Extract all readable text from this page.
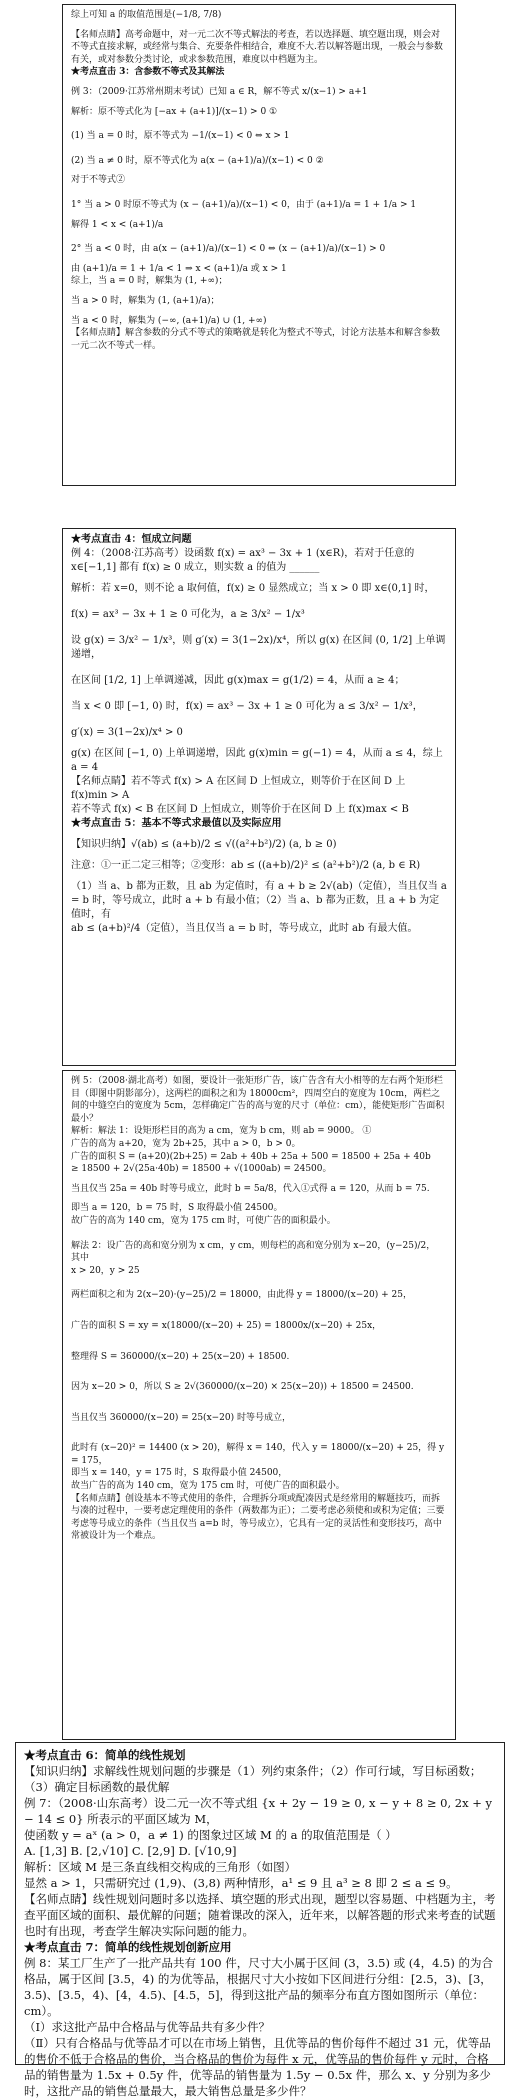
综上可知 a 的取值范围是(−1/8, 7/8)

【名师点睛】高考命题中，对一元二次不等式解法的考查，若以选择题、填空题出现，则会对不等式直接求解，或经常与集合、充要条件相结合，难度不大.若以解答题出现，一般会与参数有关，或对参数分类讨论，或求参数范围，难度以中档题为主。

★考点直击 3：含参数不等式及其解法

例 3：（2009·江苏常州期末考试）已知 a ∈ R，解不等式 x/(x−1) > a+1

解析：原不等式化为 [−ax + (a+1)]/(x−1) > 0 ①

(1) 当 a = 0 时，原不等式为 −1/(x−1) < 0 ⇔ x > 1

(2) 当 a ≠ 0 时，原不等式化为 a(x − (a+1)/a)/(x−1) < 0 ②

对于不等式②

1° 当 a > 0 时原不等式为 (x − (a+1)/a)/(x−1) < 0，由于 (a+1)/a = 1 + 1/a > 1

解得 1 < x < (a+1)/a

2° 当 a < 0 时，由 a(x − (a+1)/a)/(x−1) < 0 ⇔ (x − (a+1)/a)/(x−1) > 0

由 (a+1)/a = 1 + 1/a < 1 ⇒ x < (a+1)/a 或 x > 1

综上，当 a = 0 时，解集为 (1, +∞)；

当 a > 0 时，解集为 (1, (a+1)/a)；

当 a < 0 时，解集为 (−∞, (a+1)/a) ∪ (1, +∞)

【名师点睛】解含参数的分式不等式的策略就是转化为整式不等式，讨论方法基本和解含参数一元二次不等式一样。

★考点直击 4：恒成立问题

例 4：（2008·江苏高考）设函数 f(x) = ax³ − 3x + 1 (x∈R)，若对于任意的 x∈[−1,1] 都有 f(x) ≥ 0 成立，则实数 a 的值为 ______

解析：若 x=0，则不论 a 取何值，f(x) ≥ 0 显然成立；当 x > 0 即 x∈(0,1] 时，

f(x) = ax³ − 3x + 1 ≥ 0 可化为，a ≥ 3/x² − 1/x³

设 g(x) = 3/x² − 1/x³，则 g′(x) = 3(1−2x)/x⁴，所以 g(x) 在区间 (0, 1/2] 上单调递增，

在区间 [1/2, 1] 上单调递减，因此 g(x)max = g(1/2) = 4，从而 a ≥ 4；

当 x < 0 即 [−1, 0) 时，f(x) = ax³ − 3x + 1 ≥ 0 可化为 a ≤ 3/x² − 1/x³，

g′(x) = 3(1−2x)/x⁴ > 0

g(x) 在区间 [−1, 0) 上单调递增，因此 g(x)min = g(−1) = 4，从而 a ≤ 4，综上 a = 4

【名师点睛】若不等式 f(x) > A 在区间 D 上恒成立，则等价于在区间 D 上

f(x)min > A

若不等式 f(x) < B 在区间 D 上恒成立，则等价于在区间 D 上 f(x)max < B

★考点直击 5：基本不等式求最值以及实际应用

【知识归纳】√(ab) ≤ (a+b)/2 ≤ √((a²+b²)/2) (a, b ≥ 0)

注意：①一正二定三相等；②变形：ab ≤ ((a+b)/2)² ≤ (a²+b²)/2 (a, b ∈ R)

（1）当 a、b 都为正数，且 ab 为定值时，有 a + b ≥ 2√(ab)（定值），当且仅当 a = b 时，等号成立，此时 a + b 有最小值；（2）当 a、b 都为正数，且 a + b 为定值时，有

ab ≤ (a+b)²/4（定值），当且仅当 a = b 时，等号成立，此时 ab 有最大值。

例 5：（2008·湖北高考）如图，要设计一张矩形广告，该广告含有大小相等的左右两个矩形栏目（即图中阴影部分），这两栏的面积之和为 18000cm²，四周空白的宽度为 10cm，两栏之间的中缝空白的宽度为 5cm，怎样确定广告的高与宽的尺寸（单位：cm），能使矩形广告面积最小？

解析：解法 1：设矩形栏目的高为 a cm，宽为 b cm，则 ab = 9000。 ①

广告的高为 a+20，宽为 2b+25，其中 a > 0，b > 0。

广告的面积 S = (a+20)(2b+25) = 2ab + 40b + 25a + 500 = 18500 + 25a + 40b

≥ 18500 + 2√(25a·40b) = 18500 + √(1000ab) = 24500。

当且仅当 25a = 40b 时等号成立，此时 b = 5a/8，代入①式得 a = 120，从而 b = 75.

即当 a = 120，b = 75 时，S 取得最小值 24500。

故广告的高为 140 cm，宽为 175 cm 时，可使广告的面积最小。

解法 2：设广告的高和宽分别为 x cm，y cm，则每栏的高和宽分别为 x−20，(y−25)/2，

其中

x > 20，y > 25

两栏面积之和为 2(x−20)·(y−25)/2 = 18000，由此得 y = 18000/(x−20) + 25，

广告的面积 S = xy = x(18000/(x−20) + 25) = 18000x/(x−20) + 25x，

整理得 S = 360000/(x−20) + 25(x−20) + 18500.

因为 x−20 > 0，所以 S ≥ 2√(360000/(x−20) × 25(x−20)) + 18500 = 24500.

当且仅当 360000/(x−20) = 25(x−20) 时等号成立，

此时有 (x−20)² = 14400 (x > 20)，解得 x = 140，代入 y = 18000/(x−20) + 25，得 y = 175，

即当 x = 140，y = 175 时，S 取得最小值 24500，

故当广告的高为 140 cm，宽为 175 cm 时，可使广告的面积最小。

【名师点睛】创设基本不等式使用的条件，合理拆分项或配凑因式是经常用的解题技巧，而拆与凑的过程中，一要考虑定理使用的条件（两数都为正）；二要考虑必须使和或积为定值；三要考虑等号成立的条件（当且仅当 a=b 时，等号成立），它具有一定的灵活性和变形技巧，高中常被设计为一个难点。

★考点直击 6：简单的线性规划

【知识归纳】求解线性规划问题的步骤是（1）列约束条件；（2）作可行域，写目标函数；

（3）确定目标函数的最优解

例 7：（2008·山东高考）设二元一次不等式组 {x + 2y − 19 ≥ 0, x − y + 8 ≥ 0, 2x + y − 14 ≤ 0} 所表示的平面区域为 M，

使函数 y = aˣ (a > 0，a ≠ 1) 的图象过区域 M 的 a 的取值范围是（ ）

A. [1,3] B. [2,√10] C. [2,9] D. [√10,9]

解析：区域 M 是三条直线相交构成的三角形（如图）

显然 a > 1，只需研究过 (1,9)、(3,8) 两种情形，a¹ ≤ 9 且 a³ ≥ 8 即 2 ≤ a ≤ 9。

【名师点睛】线性规划问题时多以选择、填空题的形式出现，题型以容易题、中档题为主，考查平面区域的面积、最优解的问题；随着课改的深入，近年来，以解答题的形式来考查的试题也时有出现，考查学生解决实际问题的能力。

★考点直击 7：简单的线性规划创新应用

例 8：某工厂生产了一批产品共有 100 件，尺寸大小属于区间 (3，3.5) 或 (4，4.5) 的为合格品，属于区间 [3.5，4) 的为优等品，根据尺寸大小按如下区间进行分组：[2.5，3)、[3，3.5)、[3.5，4)、[4，4.5)、[4.5，5]，得到这批产品的频率分布直方图如图所示（单位：cm）。

（Ⅰ）求这批产品中合格品与优等品共有多少件？

（Ⅱ）只有合格品与优等品才可以在市场上销售，且优等品的售价每件不超过 31 元，优等品的售价不低于合格品的售价，当合格品的售价为每件 x 元，优等品的售价每件 y 元时，合格品的销售量为 1.5x + 0.5y 件，优等品的销售量为 1.5y − 0.5x 件，那么 x、y 分别为多少时，这批产品的销售总量最大，最大销售总量是多少件？
